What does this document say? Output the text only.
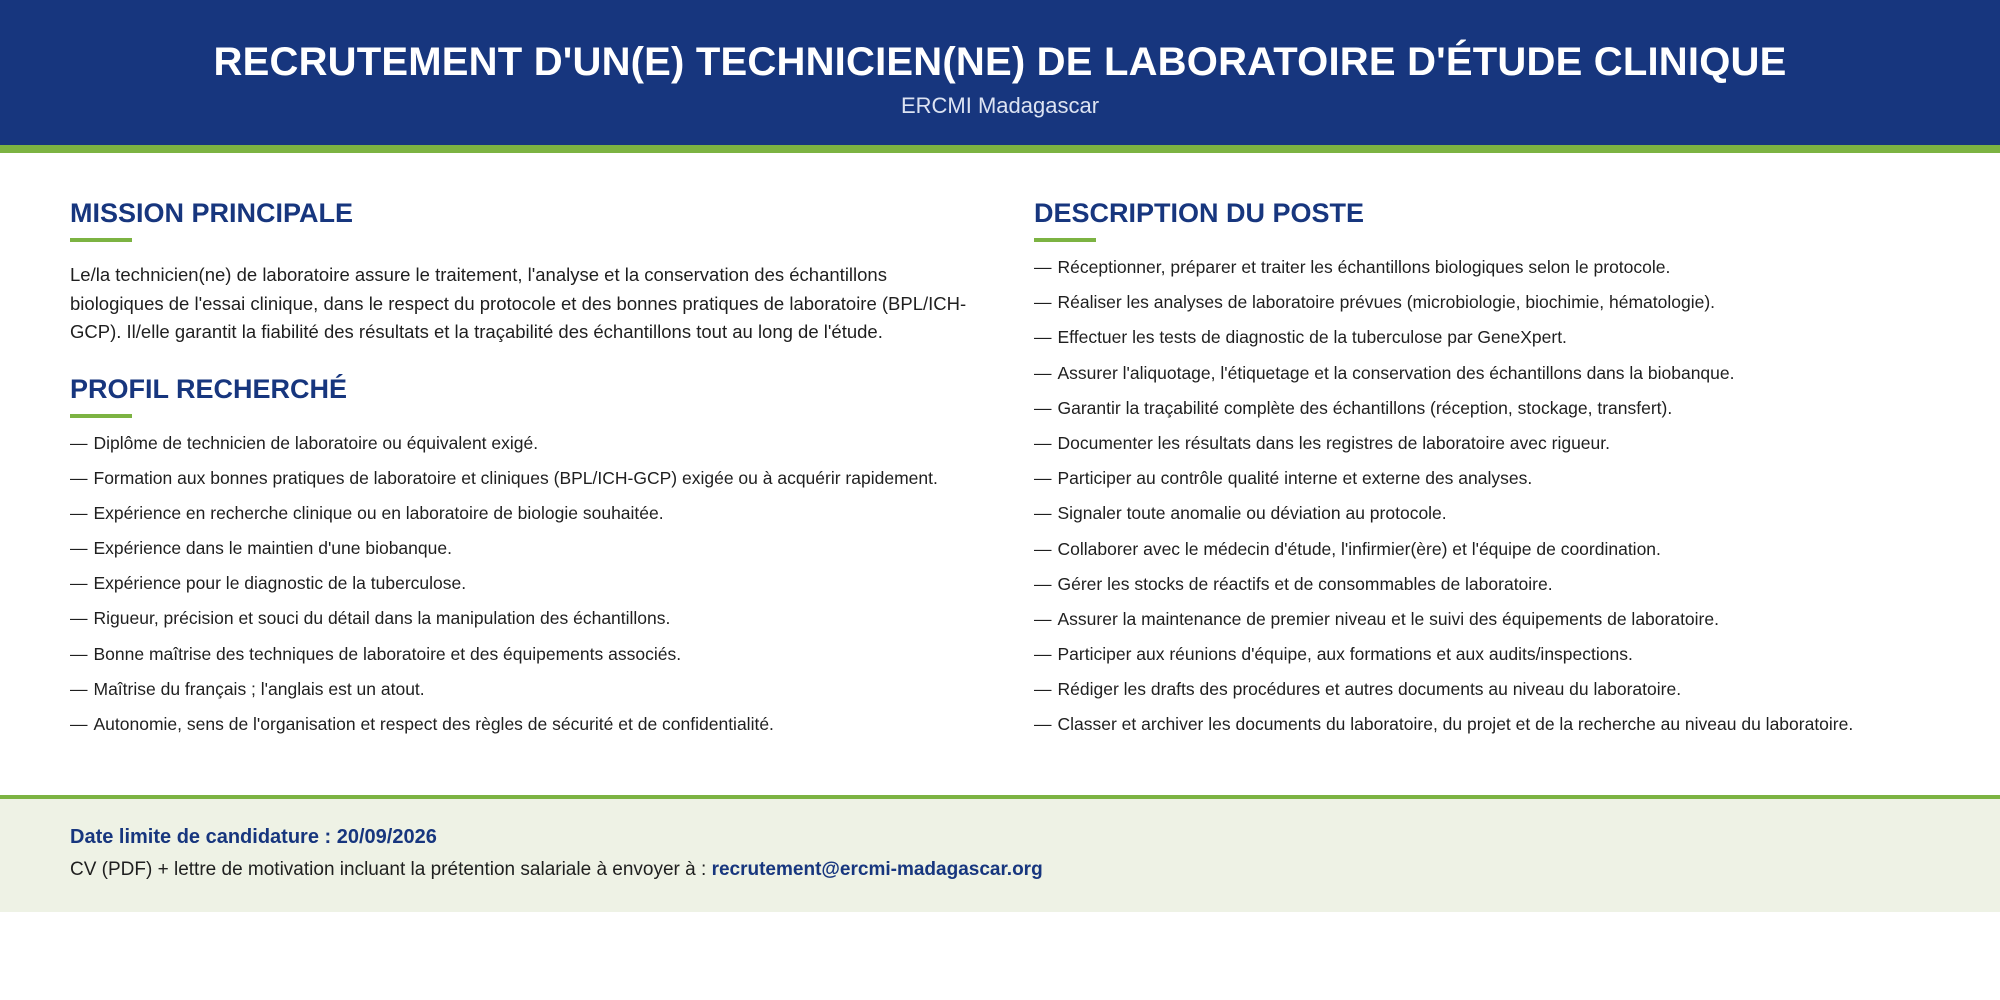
RECRUTEMENT D'UN(E) TECHNICIEN(NE) DE LABORATOIRE D'ÉTUDE CLINIQUE
ERCMI Madagascar
MISSION PRINCIPALE

Le/la technicien(ne) de laboratoire assure le traitement, l'analyse et la conservation des échantillons biologiques de l'essai clinique, dans le respect du protocole et des bonnes pratiques de laboratoire (BPL/ICH-GCP). Il/elle garantit la fiabilité des résultats et la traçabilité des échantillons tout au long de l'étude.

PROFIL RECHERCHÉ
— Diplôme de technicien de laboratoire ou équivalent exigé.
— Formation aux bonnes pratiques de laboratoire et cliniques (BPL/ICH-GCP) exigée ou à acquérir rapidement.
— Expérience en recherche clinique ou en laboratoire de biologie souhaitée.
— Expérience dans le maintien d'une biobanque.
— Expérience pour le diagnostic de la tuberculose.
— Rigueur, précision et souci du détail dans la manipulation des échantillons.
— Bonne maîtrise des techniques de laboratoire et des équipements associés.
— Maîtrise du français ; l'anglais est un atout.
— Autonomie, sens de l'organisation et respect des règles de sécurité et de confidentialité.
DESCRIPTION DU POSTE
— Réceptionner, préparer et traiter les échantillons biologiques selon le protocole.
— Réaliser les analyses de laboratoire prévues (microbiologie, biochimie, hématologie).
— Effectuer les tests de diagnostic de la tuberculose par GeneXpert.
— Assurer l'aliquotage, l'étiquetage et la conservation des échantillons dans la biobanque.
— Garantir la traçabilité complète des échantillons (réception, stockage, transfert).
— Documenter les résultats dans les registres de laboratoire avec rigueur.
— Participer au contrôle qualité interne et externe des analyses.
— Signaler toute anomalie ou déviation au protocole.
— Collaborer avec le médecin d'étude, l'infirmier(ère) et l'équipe de coordination.
— Gérer les stocks de réactifs et de consommables de laboratoire.
— Assurer la maintenance de premier niveau et le suivi des équipements de laboratoire.
— Participer aux réunions d'équipe, aux formations et aux audits/inspections.
— Rédiger les drafts des procédures et autres documents au niveau du laboratoire.
— Classer et archiver les documents du laboratoire, du projet et de la recherche au niveau du laboratoire.
Date limite de candidature : 20/09/2026
CV (PDF) + lettre de motivation incluant la prétention salariale à envoyer à : recrutement@ercmi-madagascar.org
